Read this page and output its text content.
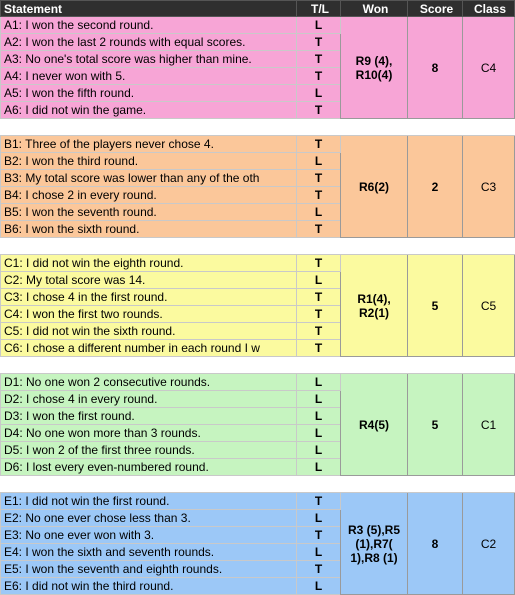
Statement	T/L	Won	Score	Class
A1: I won the second round.	L	R9 (4), R10(4)	8	C4
A2: I won the last 2 rounds with equal scores.	T			
A3: No one's total score was higher than mine.	T			
A4: I never won with 5.	T			
A5: I won the fifth round.	L			
A6: I did not win the game.	T			

B1: Three of the players never chose 4.	T	R6(2)	2	C3
B2: I won the third round.	L			
B3: My total score was lower than any of the oth	T			
B4: I chose 2 in every round.	T			
B5: I won the seventh round.	L			
B6: I won the sixth round.	T			

C1: I did not win the eighth round.	T	R1(4), R2(1)	5	C5
C2: My total score was 14.	L			
C3: I chose 4 in the first round.	T			
C4: I won the first two rounds.	T			
C5: I did not win the sixth round.	T			
C6: I chose a different number in each round I w	T			

D1: No one won 2 consecutive rounds.	L	R4(5)	5	C1
D2: I chose 4 in every round.	L			
D3: I won the first round.	L			
D4: No one won more than 3 rounds.	L			
D5: I won 2 of the first three rounds.	L			
D6: I lost every even-numbered round.	L			

E1: I did not win the first round.	T	R3 (5),R5 (1),R7( 1),R8 (1)	8	C2
E2: No one ever chose less than 3.	L			
E3: No one ever won with 3.	T			
E4: I won the sixth and seventh rounds.	L			
E5: I won the seventh and eighth rounds.	T			
E6: I did not win the third round.	L			
